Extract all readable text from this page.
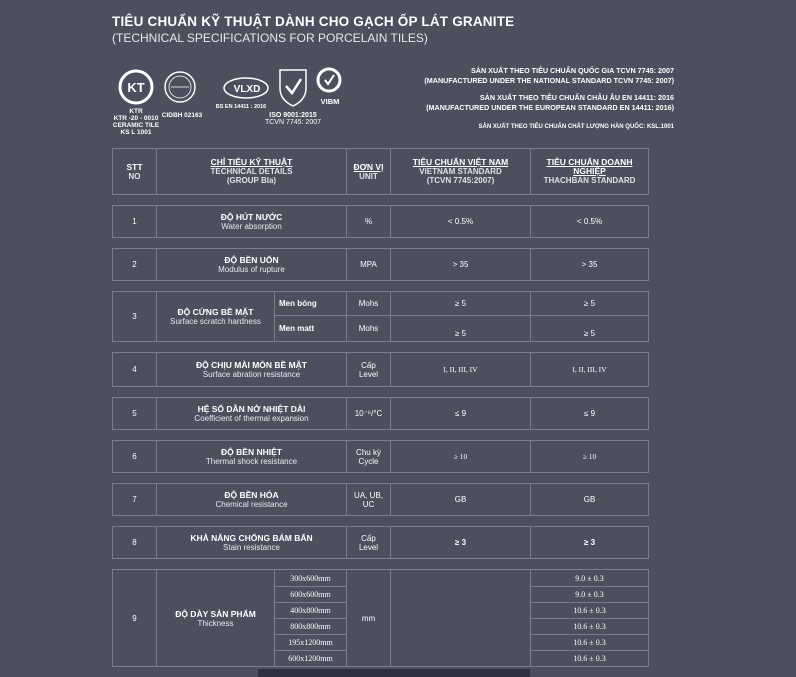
TIÊU CHUẨN KỸ THUẬT DÀNH CHO GẠCH ỐP LÁT GRANITE
(TECHNICAL SPECIFICATIONS FOR PORCELAIN TILES)
SẢN XUẤT THEO TIÊU CHUẨN QUỐC GIA TCVN 7745: 2007
(MANUFACTURED UNDER THE NATIONAL STANDARD TCVN 7745: 2007)
SẢN XUẤT THEO TIÊU CHUẨN CHÂU ÂU EN 14411: 2016
(MANUFACTURED UNDER THE EUROPEAN STANDARD EN 14411: 2016)
SẢN XUẤT THEO TIÊU CHUẨN CHẤT LƯỢNG HÀN QUỐC: KSL.1001
KT
KTR
KTR -20 - 0010
CERAMIC TILE
KS L 1001
CIDBH 02163
VLXD
BS EN 14411 : 2016
ISO 9001:2015
TCVN 7745: 2007
VIBM
STT
NO	CHỈ TIÊU KỸ THUẬT
TECHNICAL DETAILS
(GROUP BIa)		ĐƠN VỊ
UNIT	TIÊU CHUẨN VIỆT NAM
VIETNAM STANDARD
(TCVN 7745:2007)	TIÊU CHUẨN DOANH NGHIỆP
THACHBAN STANDARD

1	ĐỘ HÚT NƯỚC
Water absorption		%	< 0.5%	< 0.5%

2	ĐỘ BỀN UỐN
Modulus of rupture		MPA	> 35	> 35

3	ĐỘ CỨNG BỀ MẶT
Surface scratch hardness	Men bóng	Mohs	≥ 5	≥ 5
		Men matt	Mohs	≥ 5	≥ 5

4	ĐỘ CHỊU MÀI MÒN BỀ MẶT
Surface abration resistance		Cấp
Level	I, II, III, IV	I, II, III, IV

5	HỆ SỐ DÃN NỞ NHIỆT DÀI
Coefficient of thermal expansion		10⁻⁶/°C	≤ 9	≤ 9

6	ĐỘ BỀN NHIỆT
Thermal shock resistance		Chu kỳ
Cycle	≥ 10	≥ 10

7	ĐỘ BỀN HÓA
Chemical resistance		UA, UB,
UC	GB	GB

8	KHẢ NĂNG CHỐNG BÁM BẨN
Stain resistance		Cấp
Level	≥ 3	≥ 3

9	ĐỘ DÀY SẢN PHẨM
Thickness	300x600mm	mm		9.0 ± 0.3
		600x600mm			9.0 ± 0.3
		400x800mm			10.6 ± 0.3
		800x800mm			10.6 ± 0.3
		195x1200mm			10.6 ± 0.3
		600x1200mm			10.6 ± 0.3
